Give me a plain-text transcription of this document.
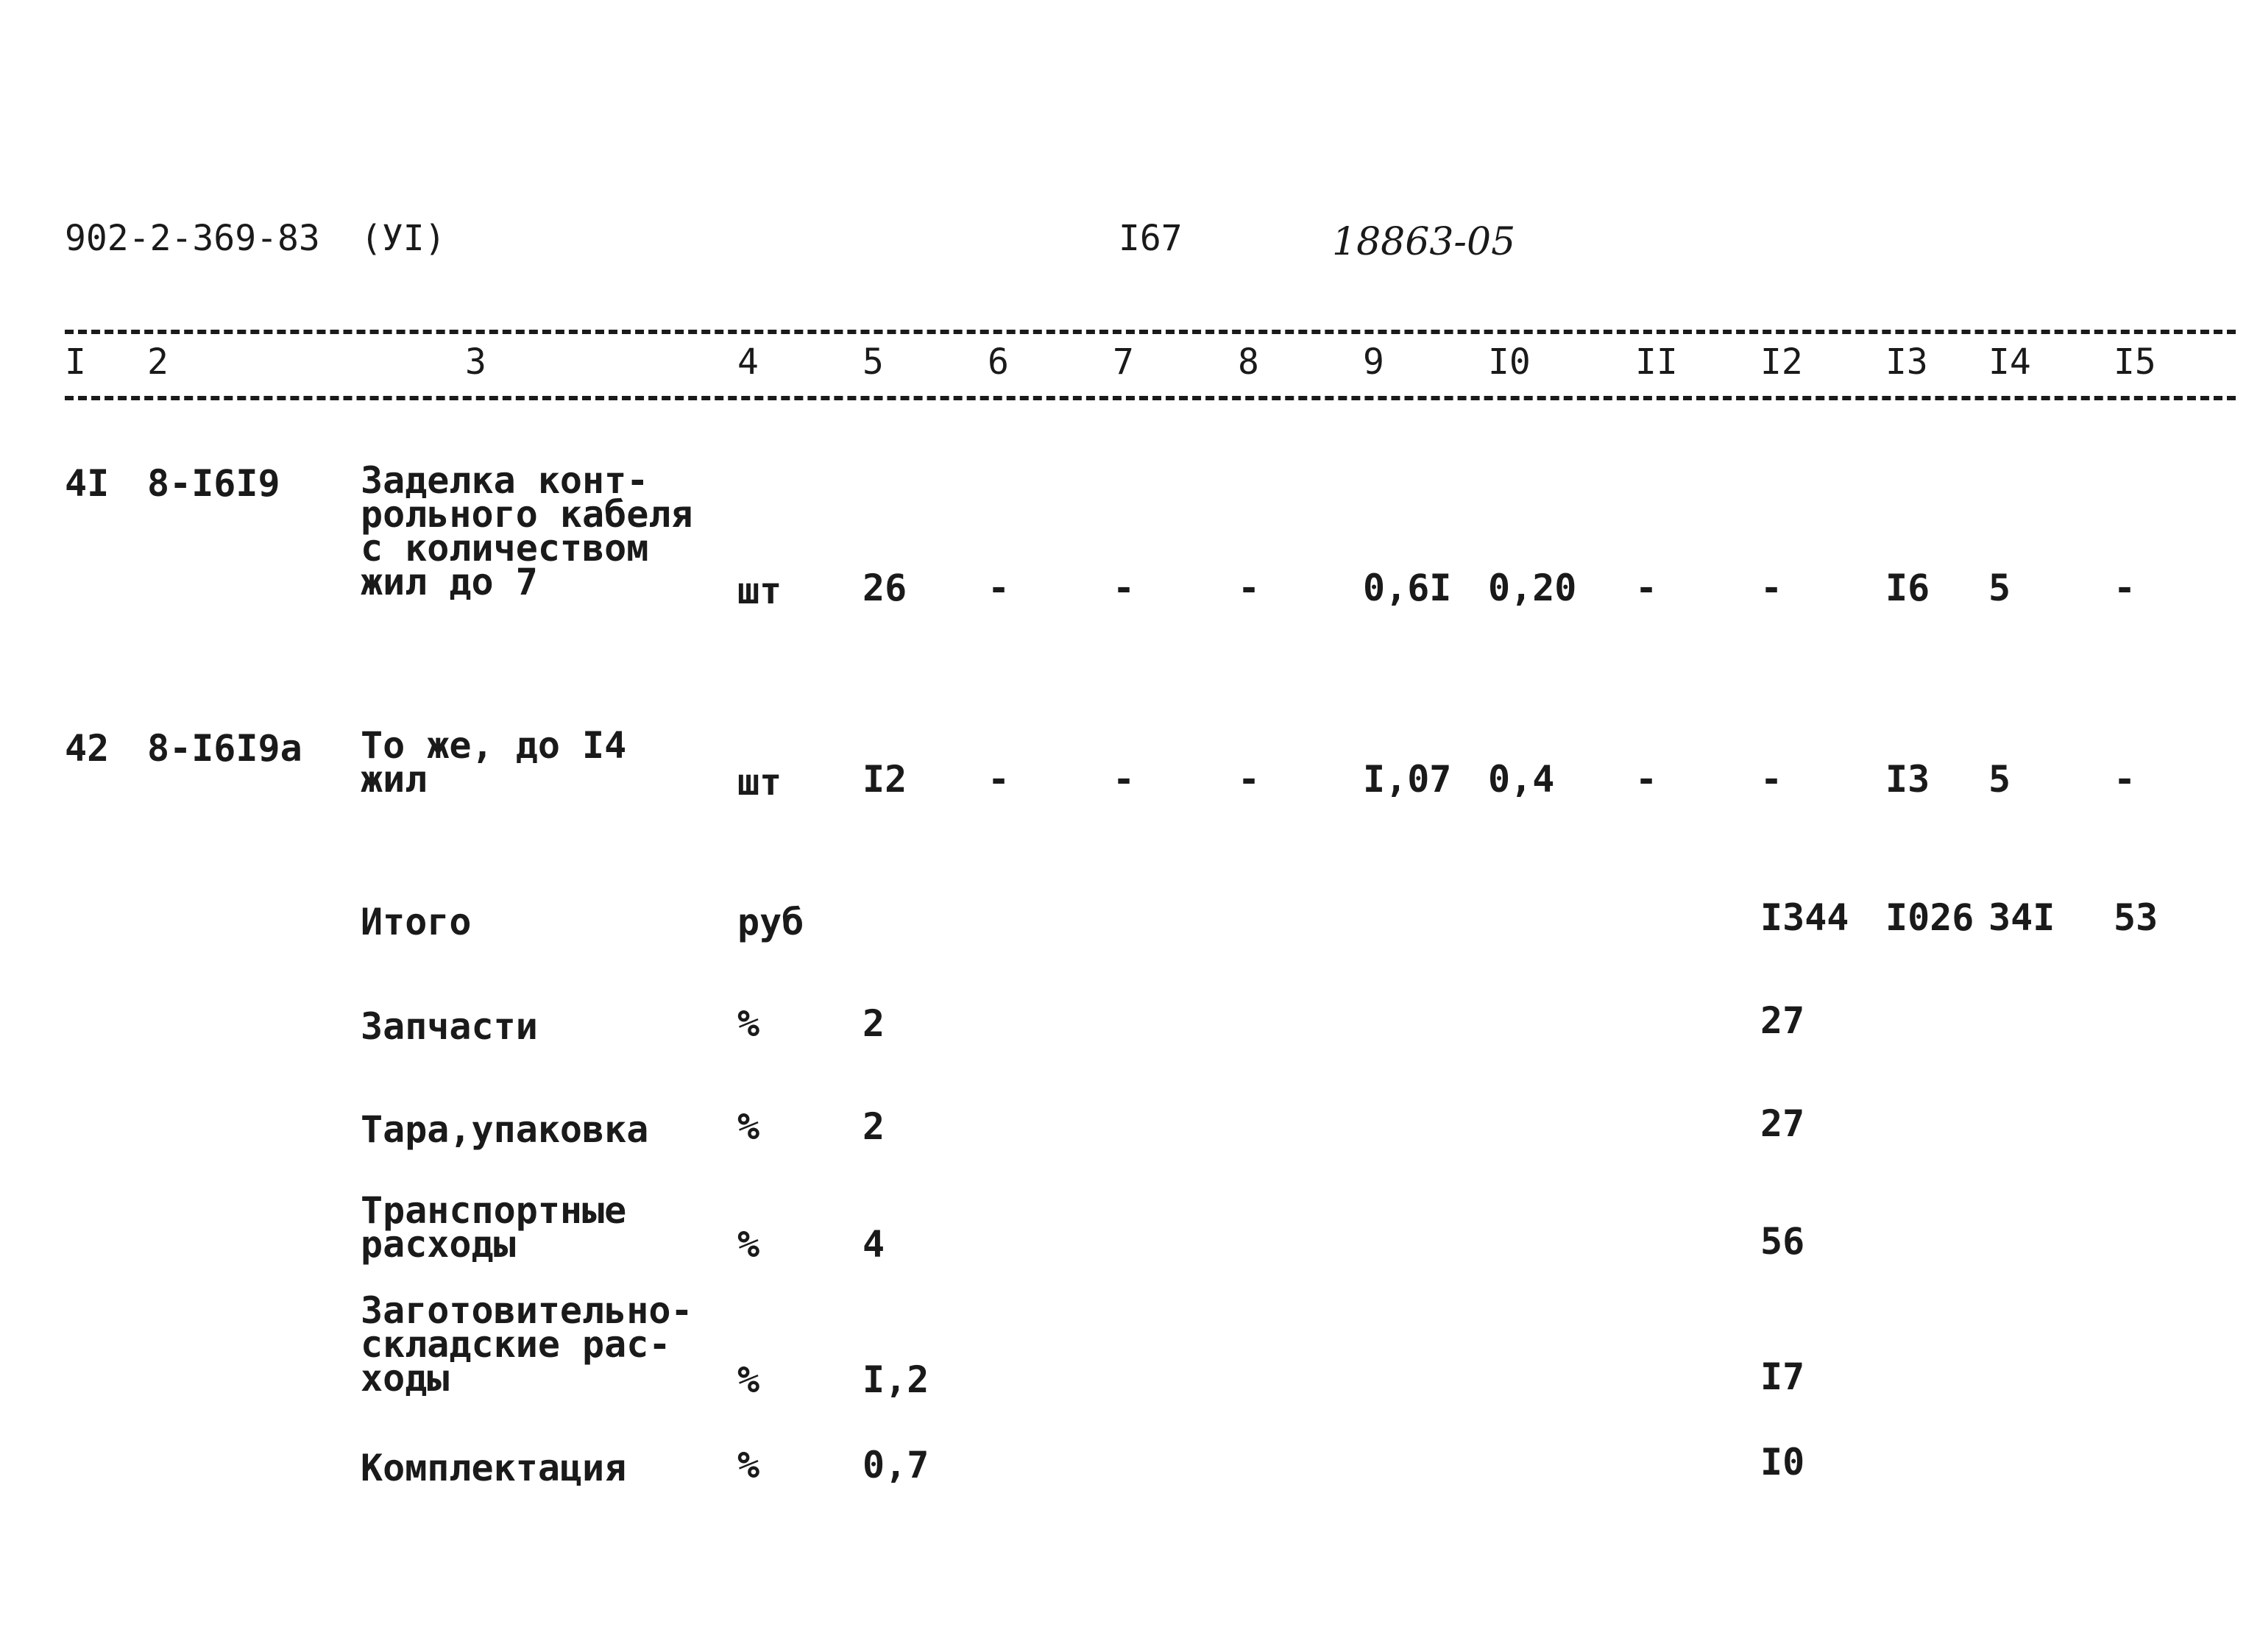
902-2-369-83 (УI)	I67	18863-05
I 2	3	4	5	6	7	8	9	I0	II I2 I3 I4 I5
4I 8-I6I9 Заделка конт-
рольного кабеля
с количеством
жил до 7	шт 26 -	-	-	0,6I 0,20 -	-	I6 5	-
42 8-I6I9а То же, до I4
жил	шт I2 -	-	-	I,07 0,4 -	-	I3 5	-
Итого	руб	I344 I026 34I 53
Запчасти	%	2	27
Тара,упаковка %	2	27
Транспортные
расходы	%	4	56
Заготовительно-
складские рас-
ходы	%	I,2	I7
Комплектация	%	0,7	I0
